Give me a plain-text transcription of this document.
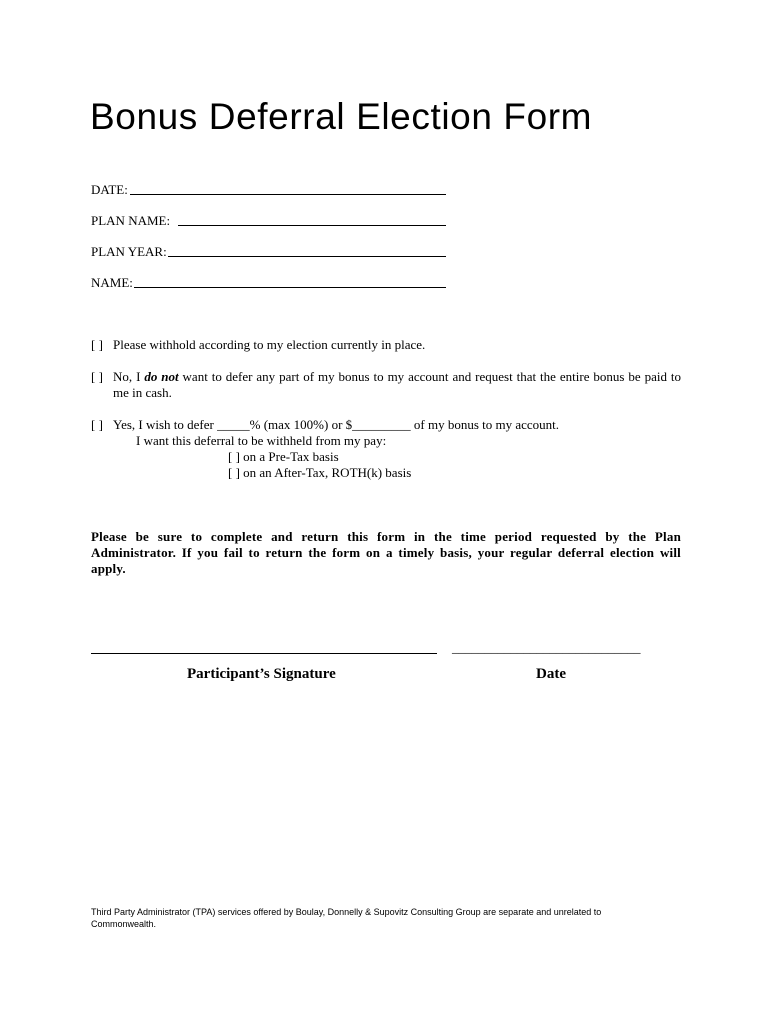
Bonus Deferral Election Form
DATE:
PLAN NAME:
PLAN YEAR:
NAME:
[ ] Please withhold according to my election currently in place.
[ ] No, I do not want to defer any part of my bonus to my account and request that the entire bonus be paid to me in cash.
[ ] Yes, I wish to defer _____% (max 100%) or $_________ of my bonus to my account.
I want this deferral to be withheld from my pay:
[ ] on a Pre-Tax basis
[ ] on an After-Tax, ROTH(k) basis
Please be sure to complete and return this form in the time period requested by the Plan Administrator. If you fail to return the form on a timely basis, your regular deferral election will apply.
_____________________________
Participant’s Signature	Date
Third Party Administrator (TPA) services offered by Boulay, Donnelly & Supovitz Consulting Group are separate and unrelated to Commonwealth.
